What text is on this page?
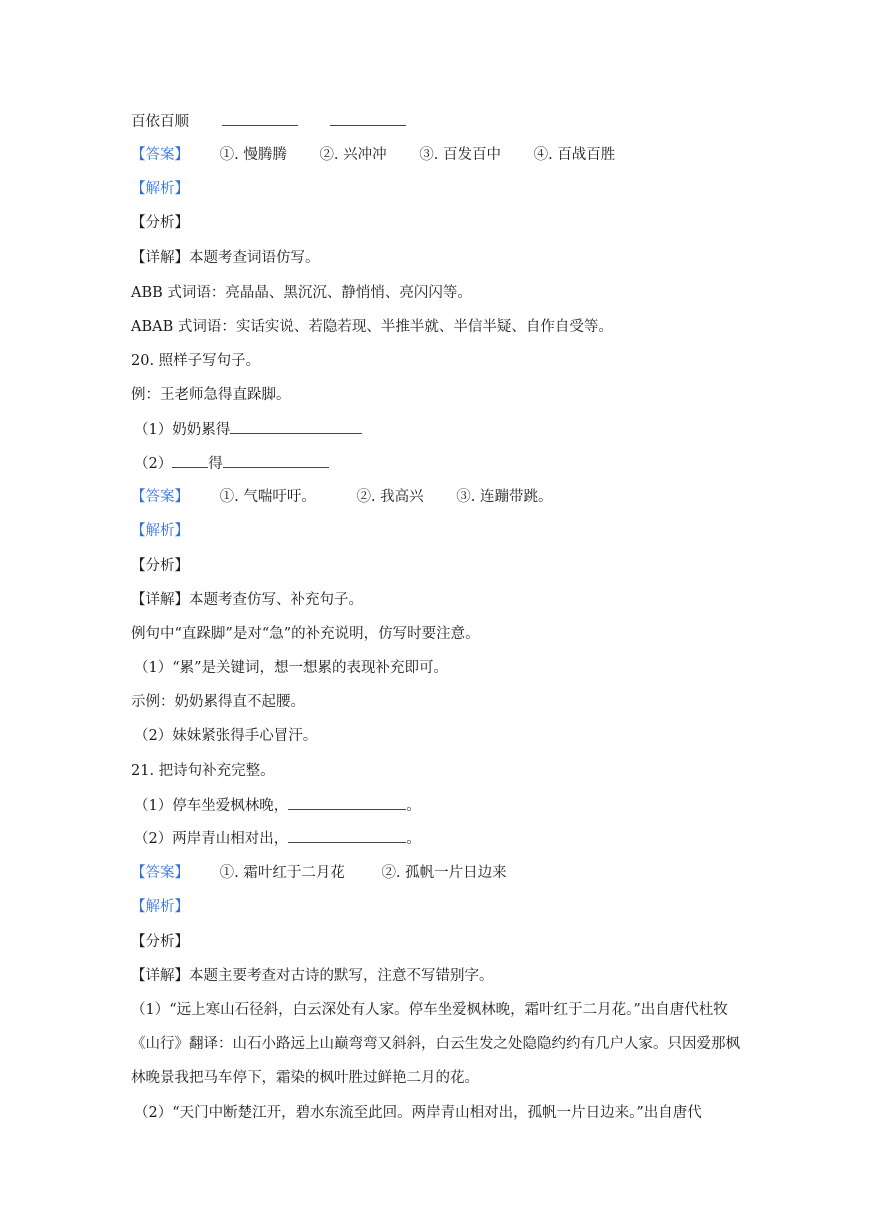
百依百顺
【答案】 ①. 慢腾腾 ②. 兴冲冲 ③. 百发百中 ④. 百战百胜
【解析】
【分析】
【详解】本题考查词语仿写。
ABB 式词语：亮晶晶、黑沉沉、静悄悄、亮闪闪等。
ABAB 式词语：实话实说、若隐若现、半推半就、半信半疑、自作自受等。
20. 照样子写句子。
例：王老师急得直跺脚。
（1）奶奶累得
（2） 得
【答案】 ①. 气喘吁吁。	②. 我高兴 ③. 连蹦带跳。
【解析】
【分析】
【详解】本题考查仿写、补充句子。
例句中“直跺脚”是对“急”的补充说明，仿写时要注意。
（1）“累”是关键词，想一想累的表现补充即可。
示例：奶奶累得直不起腰。
（2）妹妹紧张得手心冒汗。
21. 把诗句补充完整。
（1）停车坐爱枫林晚，	。
（2）两岸青山相对出，	。
【答案】 ①. 霜叶红于二月花	②. 孤帆一片日边来
【解析】
【分析】
【详解】本题主要考查对古诗的默写，注意不写错别字。
（1）“远上寒山石径斜，白云深处有人家。停车坐爱枫林晚，霜叶红于二月花。”出自唐代杜牧《山行》翻译：山石小路远上山巅弯弯又斜斜，白云生发之处隐隐约约有几户人家。只因爱那枫林晚景我把马车停下，霜染的枫叶胜过鲜艳二月的花。
（2）“天门中断楚江开，碧水东流至此回。两岸青山相对出，孤帆一片日边来。”出自唐代
